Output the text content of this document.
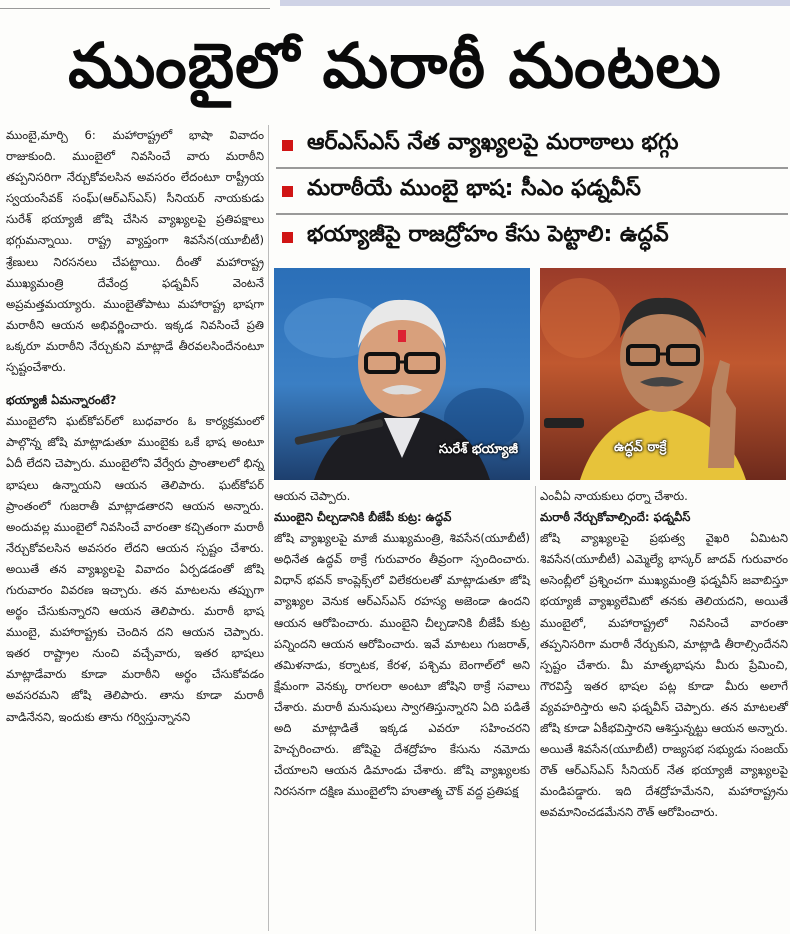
ముంబైలో మరాఠీ మంటలు

ముంబై,మార్చి 6: మహారాష్ట్రలో భాషా వివాదం రాజుకుంది. ముంబైలో నివసించే వారు మరాఠీని తప్పనిసరిగా నేర్చుకోవలసిన అవసరం లేదంటూ రాష్ట్రీయ స్వయంసేవక్ సంఘ్(ఆర్‌ఎస్‌ఎస్) సీనియర్ నాయకుడు సురేశ్ భయ్యాజీ జోషి చేసిన వ్యాఖ్యలపై ప్రతిపక్షాలు భగ్గుమన్నాయి. రాష్ట్ర వ్యాప్తంగా శివసేన(యూబీటీ) శ్రేణులు నిరసనలు చేపట్టాయి. దీంతో మహారాష్ట్ర ముఖ్యమంత్రి దేవేంద్ర ఫడ్నవీస్ వెంటనే అప్రమత్తమయ్యారు. ముంబైతోపాటు మహారాష్ట్ర భాషగా మరాఠీని ఆయన అభివర్ణించారు. ఇక్కడ నివసించే ప్రతి ఒక్కరూ మరాఠీని నేర్చుకుని మాట్లాడే తీరవలసిందేనంటూ స్పష్టంచేశారు.

భయ్యాజీ ఏమన్నారంటే?

ముంబైలోని ఘట్‌కోపర్‌లో బుధవారం ఓ కార్యక్రమంలో పాల్గొన్న జోషి మాట్లాడుతూ ముంబైకు ఒకే భాష అంటూ ఏదీ లేదని చెప్పారు. ముంబైలోని వేర్వేరు ప్రాంతాలలో భిన్న భాషలు ఉన్నాయని ఆయన తెలిపారు. ఘట్‌కోపర్ ప్రాంతంలో గుజరాతీ మాట్లాడతారని ఆయన అన్నారు. అందువల్ల ముంబైలో నివసించే వారంతా కచ్చితంగా మరాఠీ నేర్చుకోవలసిన అవసరం లేదని ఆయన స్పష్టం చేశారు. అయితే తన వ్యాఖ్యలపై వివాదం ఏర్పడడంతో జోషి గురువారం వివరణ ఇచ్చారు. తన మాటలను తప్పుగా అర్థం చేసుకున్నారని ఆయన తెలిపారు. మరాఠీ భాష ముంబై, మహారాష్ట్రకు చెందిన దని ఆయన చెప్పారు. ఇతర రాష్ట్రాల నుంచి వచ్చేవారు, ఇతర భాషలు మాట్లాడేవారు కూడా మరాఠీని అర్థం చేసుకోవడం అవసరమని జోషి తెలిపారు. తాను కూడా మరాఠీ వాడినేనని, ఇందుకు తాను గర్విస్తున్నానని

ఆర్‌ఎస్‌ఎస్ నేత వ్యాఖ్యలపై మరాఠాలు భగ్గు
మరాఠీయే ముంబై భాష: సీఎం ఫడ్నవీస్
భయ్యాజీపై రాజద్రోహం కేసు పెట్టాలి: ఉద్ధవ్
సురేశ్ భయ్యాజీ	ఉద్ధవ్ ఠాక్రే

ఆయన చెప్పారు.

ముంబైని చీల్చడానికి బీజేపీ కుట్ర: ఉద్ధవ్

జోషి వ్యాఖ్యలపై మాజీ ముఖ్యమంత్రి, శివసేన(యూబీటీ) అధినేత ఉద్ధవ్ ఠాక్రే గురువారం తీవ్రంగా స్పందించారు. విధాన్ భవన్ కాంప్లెక్స్‌లో విలేకరులతో మాట్లాడుతూ జోషి వ్యాఖ్యల వెనుక ఆర్‌ఎస్‌ఎస్ రహస్య అజెండా ఉందని ఆయన ఆరోపించారు. ముంబైని చీల్చడానికి బీజేపీ కుట్ర పన్నిందని ఆయన ఆరోపించారు. ఇవే మాటలు గుజరాత్, తమిళనాడు, కర్నాటక, కేరళ, పశ్చిమ బెంగాల్‌లో అని క్షేమంగా వెనక్కు రాగలరా అంటూ జోషిని ఠాక్రే సవాలు చేశారు. మరాఠీ మనుషులు స్వాగతిస్తున్నారని ఏది పడితే అది మాట్లాడితే ఇక్కడ ఎవరూ సహించరని హెచ్చరించారు. జోషిపై దేశద్రోహం కేసును నమోదు చేయాలని ఆయన డిమాండు చేశారు. జోషి వ్యాఖ్యలకు నిరసనగా దక్షిణ ముంబైలోని హుతాత్మ చౌక్ వద్ద ప్రతిపక్ష

ఎంవీఏ నాయకులు ధర్నా చేశారు.

మరాఠీ నేర్చుకోవాల్సిందే: ఫడ్నవీస్

జోషి వ్యాఖ్యలపై ప్రభుత్వ వైఖరి ఏమిటని శివసేన(యూబీటీ) ఎమ్మెల్యే భాస్కర్ జాదవ్ గురువారం అసెంబ్లీలో ప్రశ్నించగా ముఖ్యమంత్రి ఫడ్నవీస్ జవాబిస్తూ భయ్యాజీ వ్యాఖ్యలేమిటో తనకు తెలియదని, అయితే ముంబైలో, మహారాష్ట్రలో నివసించే వారంతా తప్పనిసరిగా మరాఠీ నేర్చుకుని, మాట్లాడి తీరాల్సిందేనని స్పష్టం చేశారు. మీ మాతృభాషను మీరు ప్రేమించి, గౌరవిస్తే ఇతర భాషల పట్ల కూడా మీరు అలాగే వ్యవహరిస్తారు అని ఫడ్నవీస్ చెప్పారు. తన మాటలతో జోషి కూడా ఏకీభవిస్తారని ఆశిస్తున్నట్టు ఆయన అన్నారు. అయితే శివసేన(యూబీటీ) రాజ్యసభ సభ్యుడు సంజయ్ రౌత్ ఆర్‌ఎస్‌ఎస్ సీనియర్ నేత భయ్యాజీ వ్యాఖ్యలపై మండిపడ్డారు. ఇది దేశద్రోహమేనని, మహారాష్ట్రను అవమానించడమేనని రౌత్ ఆరోపించారు.
